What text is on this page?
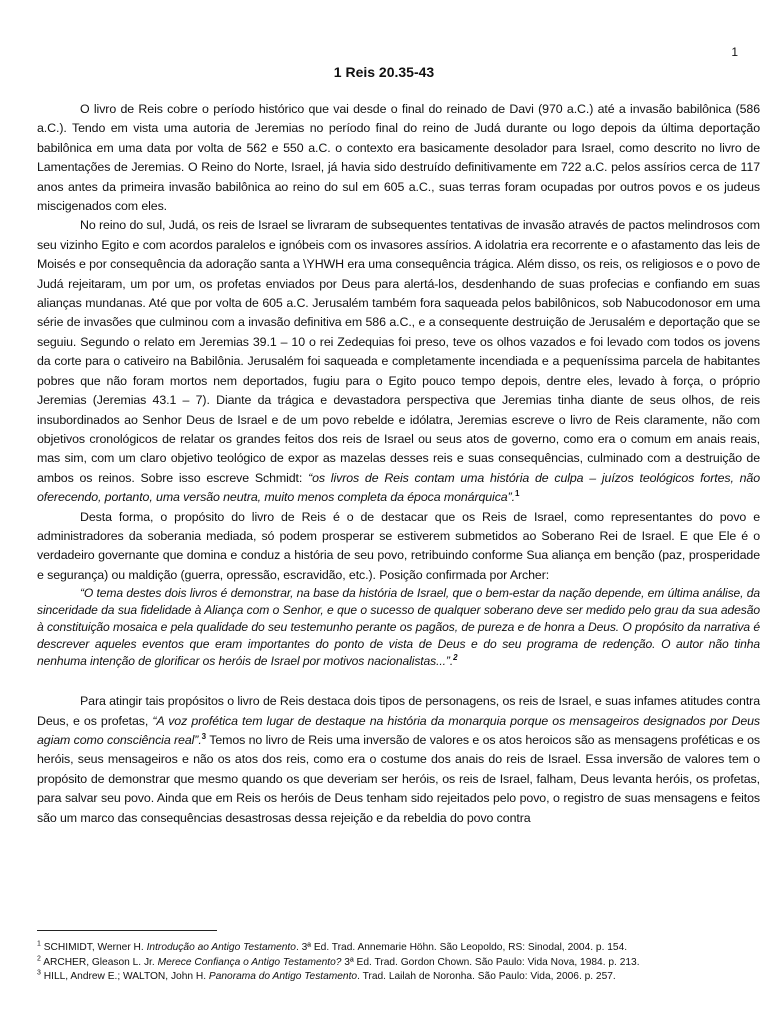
1
1 Reis 20.35-43

O livro de Reis cobre o período histórico que vai desde o final do reinado de Davi (970 a.C.) até a invasão babilônica (586 a.C.). Tendo em vista uma autoria de Jeremias no período final do reino de Judá durante ou logo depois da última deportação babilônica em uma data por volta de 562 e 550 a.C. o contexto era basicamente desolador para Israel, como descrito no livro de Lamentações de Jeremias. O Reino do Norte, Israel, já havia sido destruído definitivamente em 722 a.C. pelos assírios cerca de 117 anos antes da primeira invasão babilônica ao reino do sul em 605 a.C., suas terras foram ocupadas por outros povos e os judeus miscigenados com eles.

No reino do sul, Judá, os reis de Israel se livraram de subsequentes tentativas de invasão através de pactos melindrosos com seu vizinho Egito e com acordos paralelos e ignóbeis com os invasores assírios. A idolatria era recorrente e o afastamento das leis de Moisés e por consequência da adoração santa a \YHWH era uma consequência trágica. Além disso, os reis, os religiosos e o povo de Judá rejeitaram, um por um, os profetas enviados por Deus para alertá-los, desdenhando de suas profecias e confiando em suas alianças mundanas. Até que por volta de 605 a.C. Jerusalém também fora saqueada pelos babilônicos, sob Nabucodonosor em uma série de invasões que culminou com a invasão definitiva em 586 a.C., e a consequente destruição de Jerusalém e deportação que se seguiu. Segundo o relato em Jeremias 39.1 – 10 o rei Zedequias foi preso, teve os olhos vazados e foi levado com todos os jovens da corte para o cativeiro na Babilônia. Jerusalém foi saqueada e completamente incendiada e a pequeníssima parcela de habitantes pobres que não foram mortos nem deportados, fugiu para o Egito pouco tempo depois, dentre eles, levado à força, o próprio Jeremias (Jeremias 43.1 – 7). Diante da trágica e devastadora perspectiva que Jeremias tinha diante de seus olhos, de reis insubordinados ao Senhor Deus de Israel e de um povo rebelde e idólatra, Jeremias escreve o livro de Reis claramente, não com objetivos cronológicos de relatar os grandes feitos dos reis de Israel ou seus atos de governo, como era o comum em anais reais, mas sim, com um claro objetivo teológico de expor as mazelas desses reis e suas consequências, culminado com a destruição de ambos os reinos. Sobre isso escreve Schmidt: “os livros de Reis contam uma história de culpa – juízos teológicos fortes, não oferecendo, portanto, uma versão neutra, muito menos completa da época monárquica”.$^1$

Desta forma, o propósito do livro de Reis é o de destacar que os Reis de Israel, como representantes do povo e administradores da soberania mediada, só podem prosperar se estiverem submetidos ao Soberano Rei de Israel. E que Ele é o verdadeiro governante que domina e conduz a história de seu povo, retribuindo conforme Sua aliança em benção (paz, prosperidade e segurança) ou maldição (guerra, opressão, escravidão, etc.). Posição confirmada por Archer:

“O tema destes dois livros é demonstrar, na base da história de Israel, que o bem-estar da nação depende, em última análise, da sinceridade da sua fidelidade à Aliança com o Senhor, e que o sucesso de qualquer soberano deve ser medido pelo grau da sua adesão à constituição mosaica e pela qualidade do seu testemunho perante os pagãos, de pureza e de honra a Deus. O propósito da narrativa é descrever aqueles eventos que eram importantes do ponto de vista de Deus e do seu programa de redenção. O autor não tinha nenhuma intenção de glorificar os heróis de Israel por motivos nacionalistas...”.$^2$

Para atingir tais propósitos o livro de Reis destaca dois tipos de personagens, os reis de Israel, e suas infames atitudes contra Deus, e os profetas, “A voz profética tem lugar de destaque na história da monarquia porque os mensageiros designados por Deus agiam como consciência real”.$^3$ Temos no livro de Reis uma inversão de valores e os atos heroicos são as mensagens proféticas e os heróis, seus mensageiros e não os atos dos reis, como era o costume dos anais do reis de Israel. Essa inversão de valores tem o propósito de demonstrar que mesmo quando os que deveriam ser heróis, os reis de Israel, falham, Deus levanta heróis, os profetas, para salvar seu povo. Ainda que em Reis os heróis de Deus tenham sido rejeitados pelo povo, o registro de suas mensagens e feitos são um marco das consequências desastrosas dessa rejeição e da rebeldia do povo contra

$^1$ SCHIMIDT, Werner H. Introdução ao Antigo Testamento. 3ª Ed. Trad. Annemarie Höhn. São Leopoldo, RS: Sinodal, 2004. p. 154.

$^2$ ARCHER, Gleason L. Jr. Merece Confiança o Antigo Testamento? 3ª Ed. Trad. Gordon Chown. São Paulo: Vida Nova, 1984. p. 213.

$^3$ HILL, Andrew E.; WALTON, John H. Panorama do Antigo Testamento. Trad. Lailah de Noronha. São Paulo: Vida, 2006. p. 257.
